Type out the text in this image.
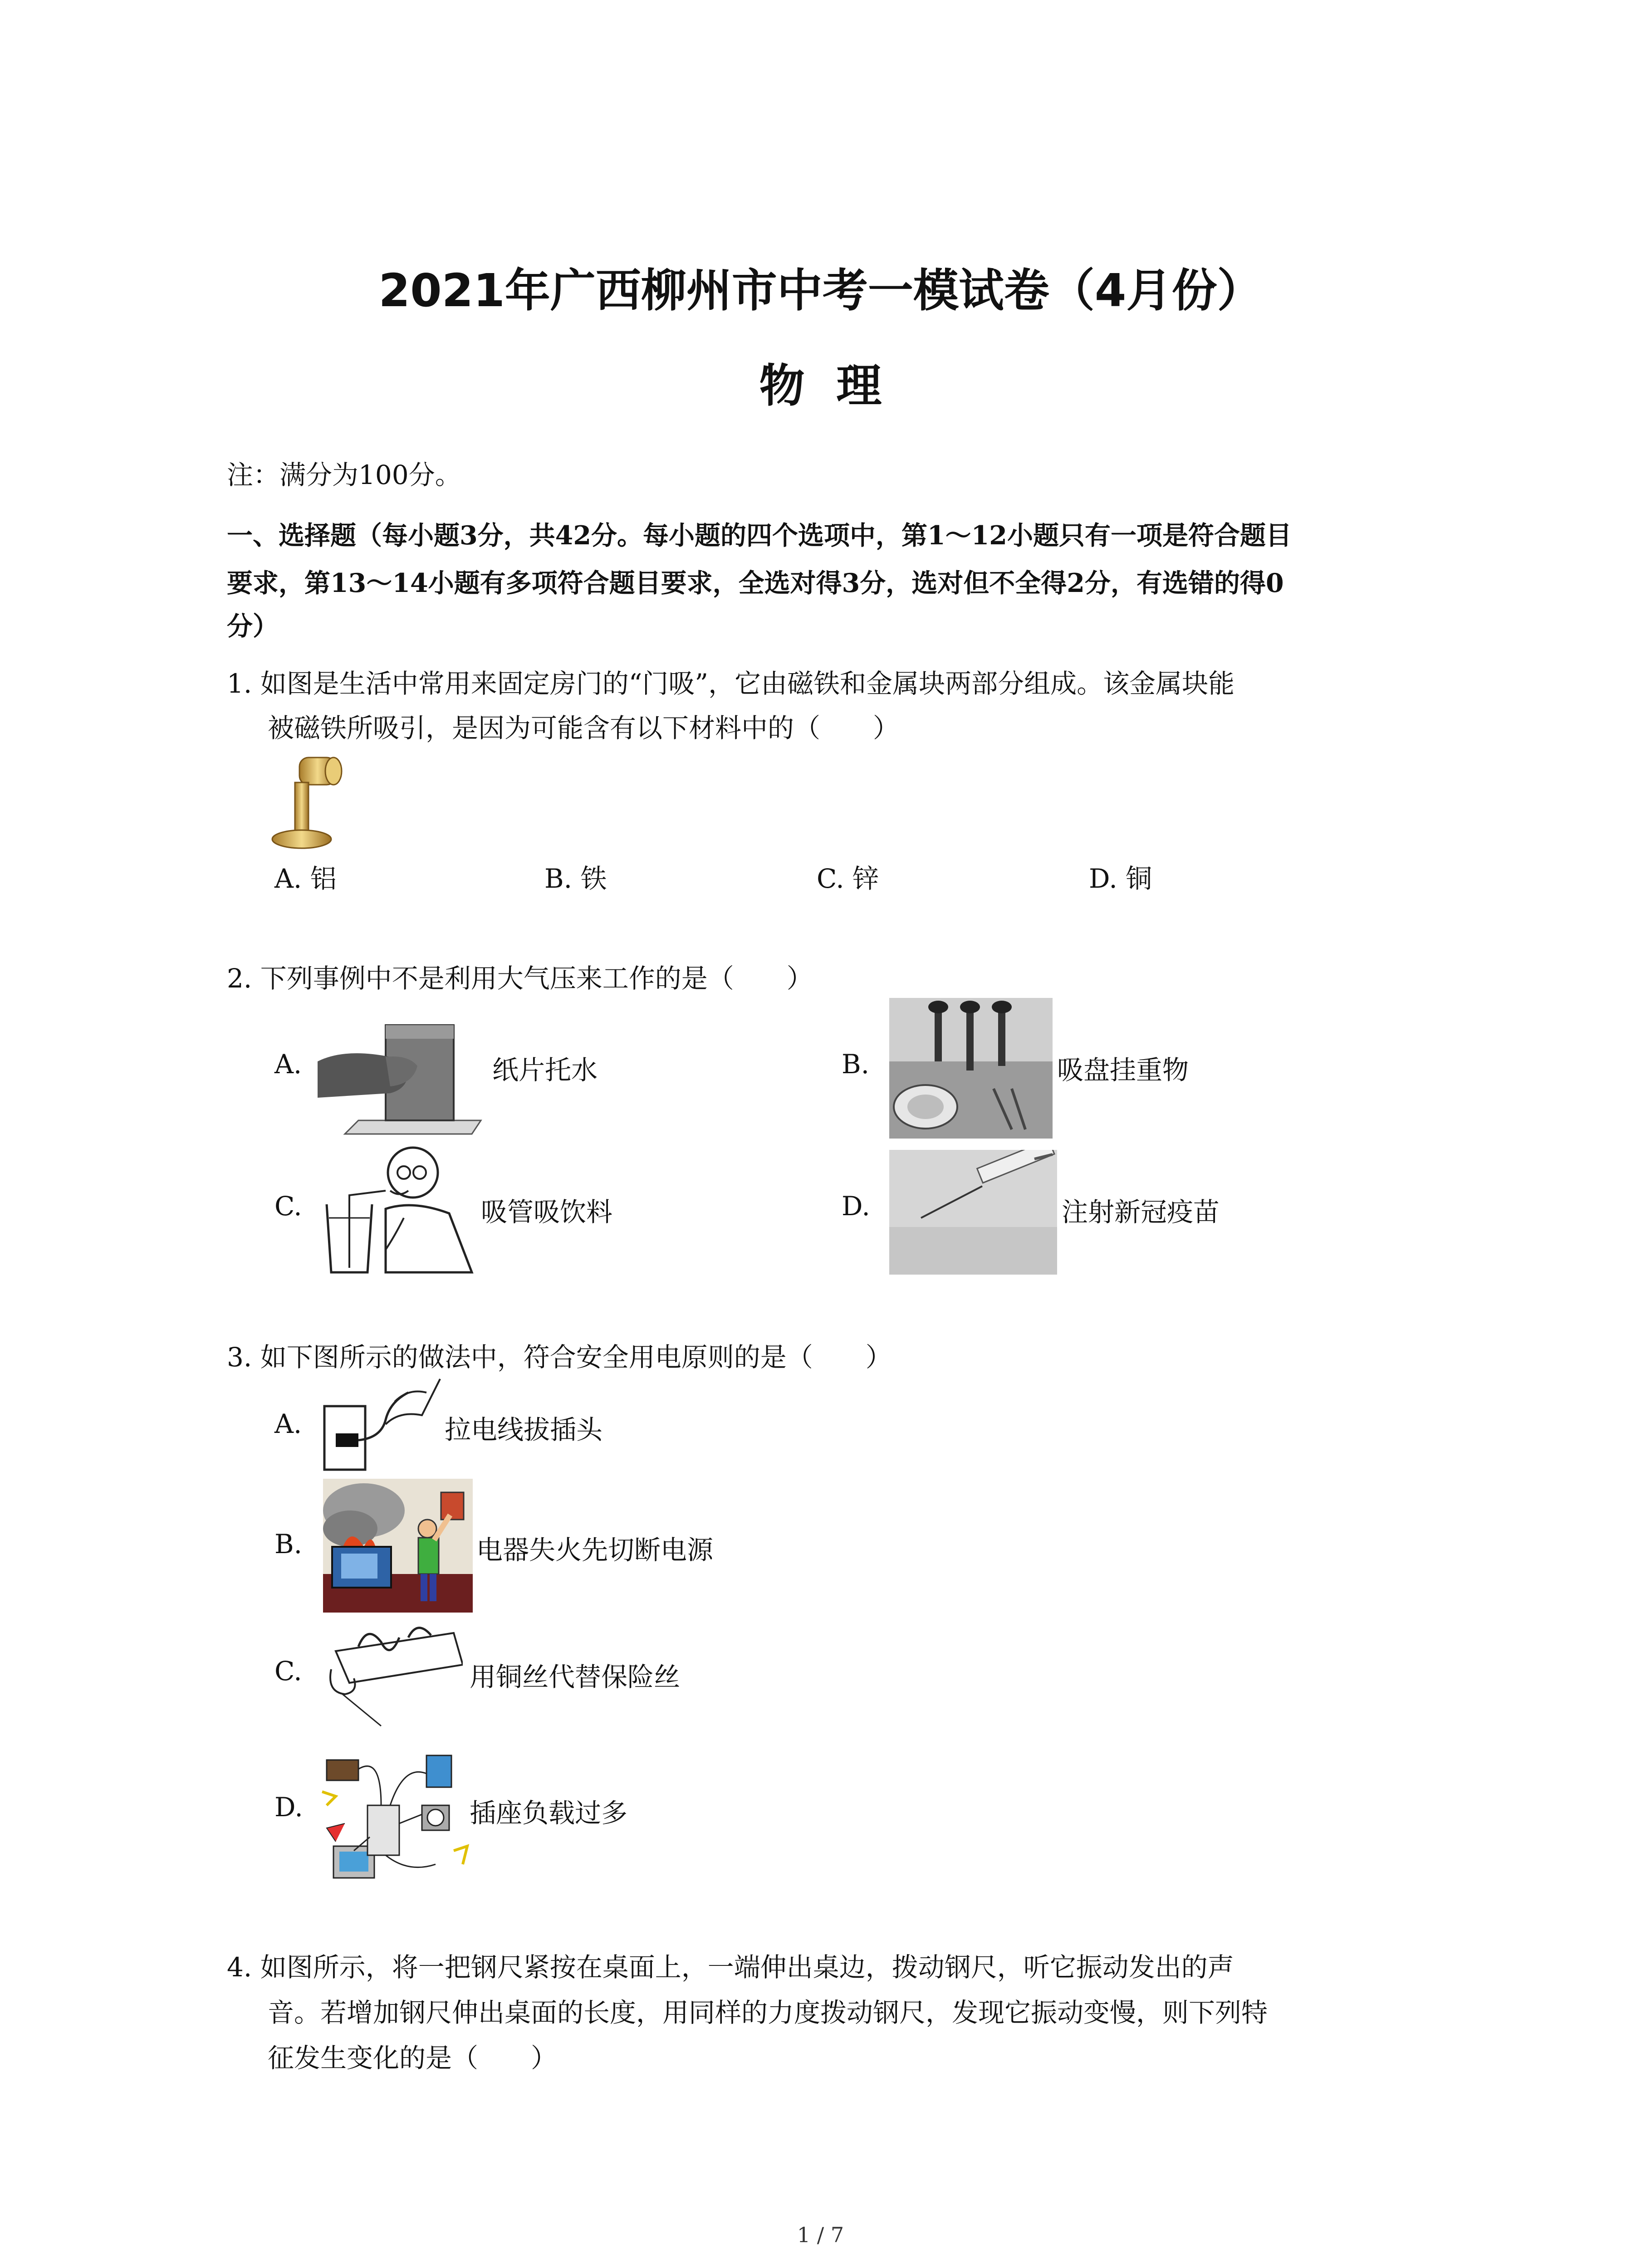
2021年广西柳州市中考一模试卷（4月份）
物  理
注：满分为100分。
一、选择题（每小题3分，共42分。每小题的四个选项中，第1～12小题只有一项是符合题目
要求，第13～14小题有多项符合题目要求，全选对得3分，选对但不全得2分，有选错的得0
分）
1. 如图是生活中常用来固定房门的“门吸”，它由磁铁和金属块两部分组成。该金属块能
被磁铁所吸引，是因为可能含有以下材料中的（　　）
A. 铝	B. 铁	C. 锌	D. 铜
2. 下列事例中不是利用大气压来工作的是（　　）
A.	纸片托水	B.	吸盘挂重物
C.	吸管吸饮料	D.	注射新冠疫苗
3. 如下图所示的做法中，符合安全用电原则的是（　　）
A.	拉电线拔插头
B.	电器失火先切断电源
C.	用铜丝代替保险丝
D.	插座负载过多
4. 如图所示，将一把钢尺紧按在桌面上，一端伸出桌边，拨动钢尺，听它振动发出的声
音。若增加钢尺伸出桌面的长度，用同样的力度拨动钢尺，发现它振动变慢，则下列特
征发生变化的是（　　）
1 / 7
